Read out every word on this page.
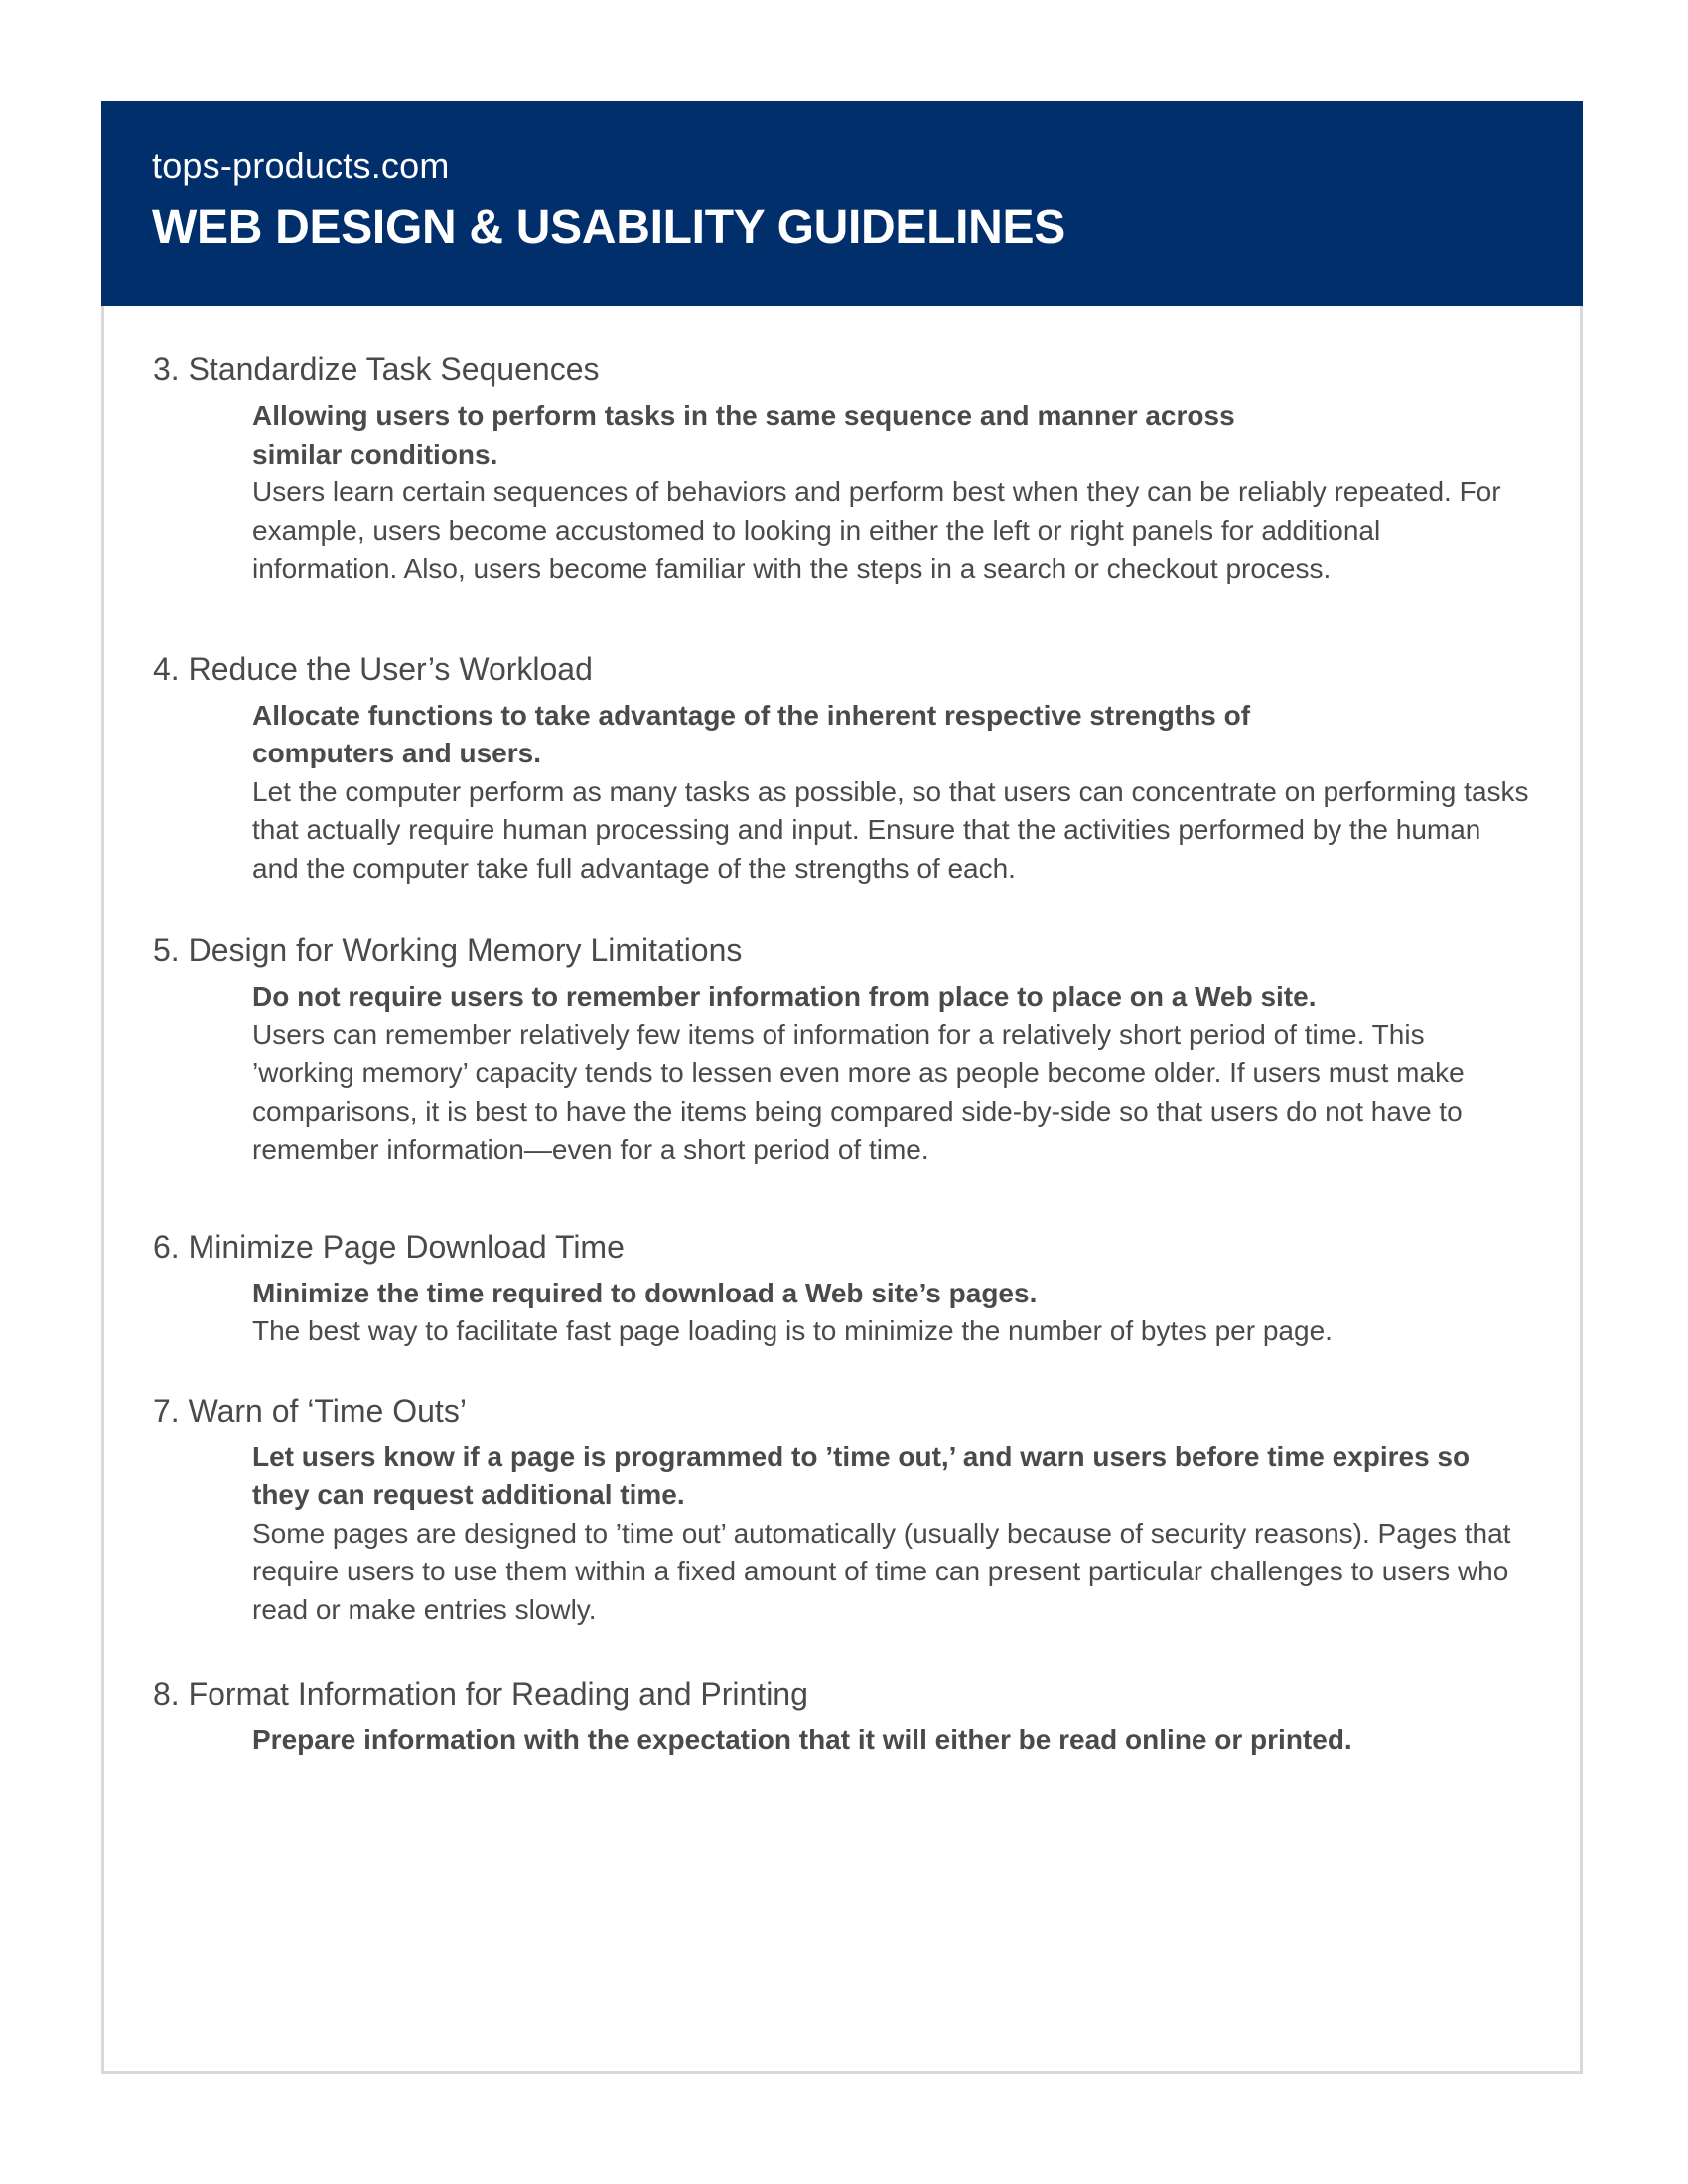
tops-products.com
WEB DESIGN & USABILITY GUIDELINES
3. Standardize Task Sequences

Allowing users to perform tasks in the same sequence and manner across similar conditions.

Users learn certain sequences of behaviors and perform best when they can be reliably repeated. For example, users become accustomed to looking in either the left or right panels for additional information. Also, users become familiar with the steps in a search or checkout process.

4. Reduce the User’s Workload

Allocate functions to take advantage of the inherent respective strengths of computers and users.

Let the computer perform as many tasks as possible, so that users can concentrate on performing tasks that actually require human processing and input. Ensure that the activities performed by the human and the computer take full advantage of the strengths of each.

5. Design for Working Memory Limitations

Do not require users to remember information from place to place on a Web site.

Users can remember relatively few items of information for a relatively short period of time. This ’working memory’ capacity tends to lessen even more as people become older. If users must make comparisons, it is best to have the items being compared side-by-side so that users do not have to remember information—even for a short period of time.

6. Minimize Page Download Time

Minimize the time required to download a Web site’s pages.

The best way to facilitate fast page loading is to minimize the number of bytes per page.

7. Warn of ‘Time Outs’

Let users know if a page is programmed to ’time out,’ and warn users before time expires so they can request additional time.

Some pages are designed to ’time out’ automatically (usually because of security reasons). Pages that require users to use them within a fixed amount of time can present particular challenges to users who read or make entries slowly.

8. Format Information for Reading and Printing

Prepare information with the expectation that it will either be read online or printed.
